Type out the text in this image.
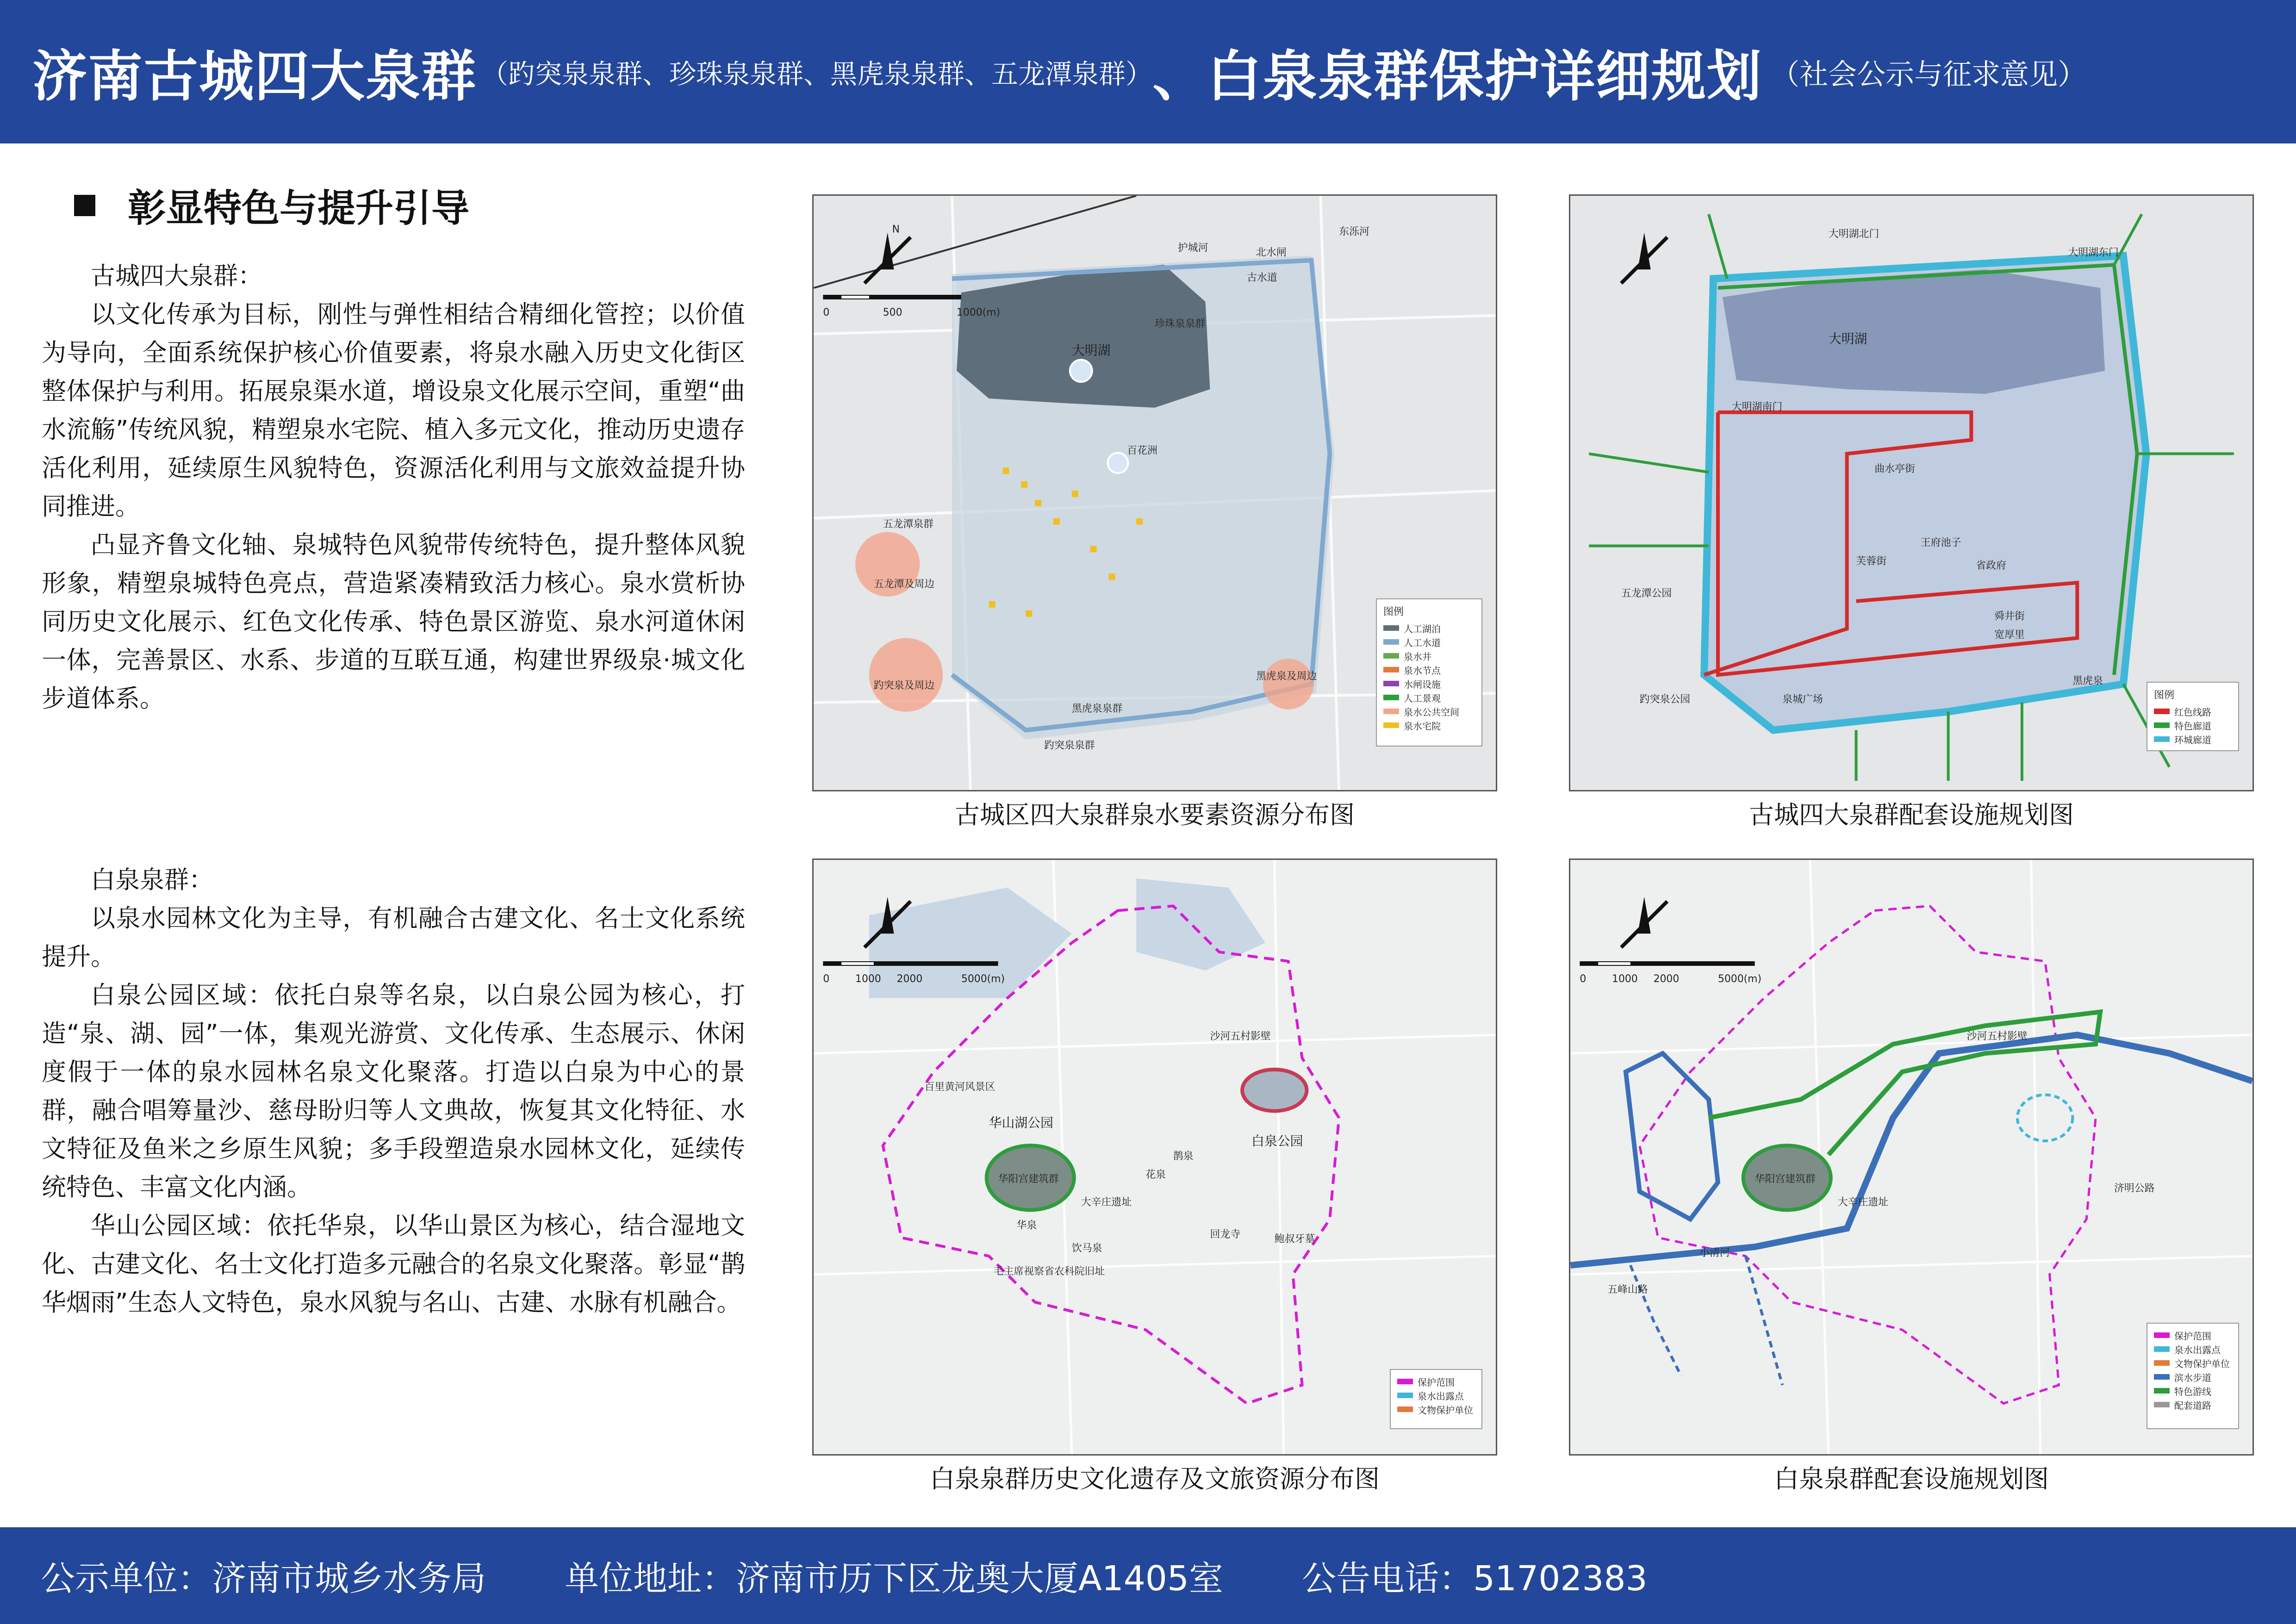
济南古城四大泉群 （趵突泉泉群、珍珠泉泉群、黑虎泉泉群、五龙潭泉群） 、 白泉泉群保护详细规划 （社会公示与征求意见）
彰显特色与提升引导
古城四大泉群：

以文化传承为目标，刚性与弹性相结合精细化管控；以价值为导向，全面系统保护核心价值要素，将泉水融入历史文化街区整体保护与利用。拓展泉渠水道，增设泉文化展示空间，重塑“曲水流觞”传统风貌，精塑泉水宅院、植入多元文化，推动历史遗存活化利用，延续原生风貌特色，资源活化利用与文旅效益提升协同推进。

凸显齐鲁文化轴、泉城特色风貌带传统特色，提升整体风貌形象，精塑泉城特色亮点，营造紧凑精致活力核心。泉水赏析协同历史文化展示、红色文化传承、特色景区游览、泉水河道休闲一体，完善景区、水系、步道的互联互通，构建世界级泉·城文化步道体系。

白泉泉群：

以泉水园林文化为主导，有机融合古建文化、名士文化系统提升。

白泉公园区域：依托白泉等名泉，以白泉公园为核心，打造“泉、湖、园”一体，集观光游赏、文化传承、生态展示、休闲度假于一体的泉水园林名泉文化聚落。打造以白泉为中心的景群，融合唱筹量沙、慈母盼归等人文典故，恢复其文化特征、水文特征及鱼米之乡原生风貌；多手段塑造泉水园林文化，延续传统特色、丰富文化内涵。

华山公园区域：依托华泉，以华山景区为核心，结合湿地文化、古建文化、名士文化打造多元融合的名泉文化聚落。彰显“鹊华烟雨”生态人文特色，泉水风貌与名山、古建、水脉有机融合。

N
0	500	1000(m)
大明湖
珍珠泉泉群
趵突泉泉群
黑虎泉泉群
五龙潭泉群
黑虎泉及周边
趵突泉及周边
五龙潭及周边
百花洲
东泺河
护城河	北水闸
古水道
图例
人工湖泊
人工水道
泉水井
泉水节点
水闸设施
人工景观
泉水公共空间
泉水宅院
古城区四大泉群泉水要素资源分布图
大明湖
大明湖北门
大明湖东门
大明湖南门
五龙潭公园
趵突泉公园	泉城广场
黑虎泉
舜井街
芙蓉街
曲水亭街
王府池子
省政府
宽厚里
图例
红色线路
特色廊道
环城廊道
古城四大泉群配套设施规划图
0	1000 2000	5000(m)
白泉公园
华山湖公园
沙河五村影壁
华阳宫建筑群
华泉
百里黄河风景区
大辛庄遗址
饮马泉
花泉
鹊泉
回龙寺
毛主席视察省农科院旧址
鲍叔牙墓
保护范围
泉水出露点
文物保护单位
白泉泉群历史文化遗存及文旅资源分布图
0	1000 2000	5000(m)
沙河五村影壁
华阳宫建筑群
小清河
五峰山路
济明公路
大辛庄遗址
保护范围
泉水出露点
文物保护单位
滨水步道
特色游线
配套道路
白泉泉群配套设施规划图
公示单位：济南市城乡水务局 单位地址：济南市历下区龙奥大厦A1405室 公告电话：51702383
